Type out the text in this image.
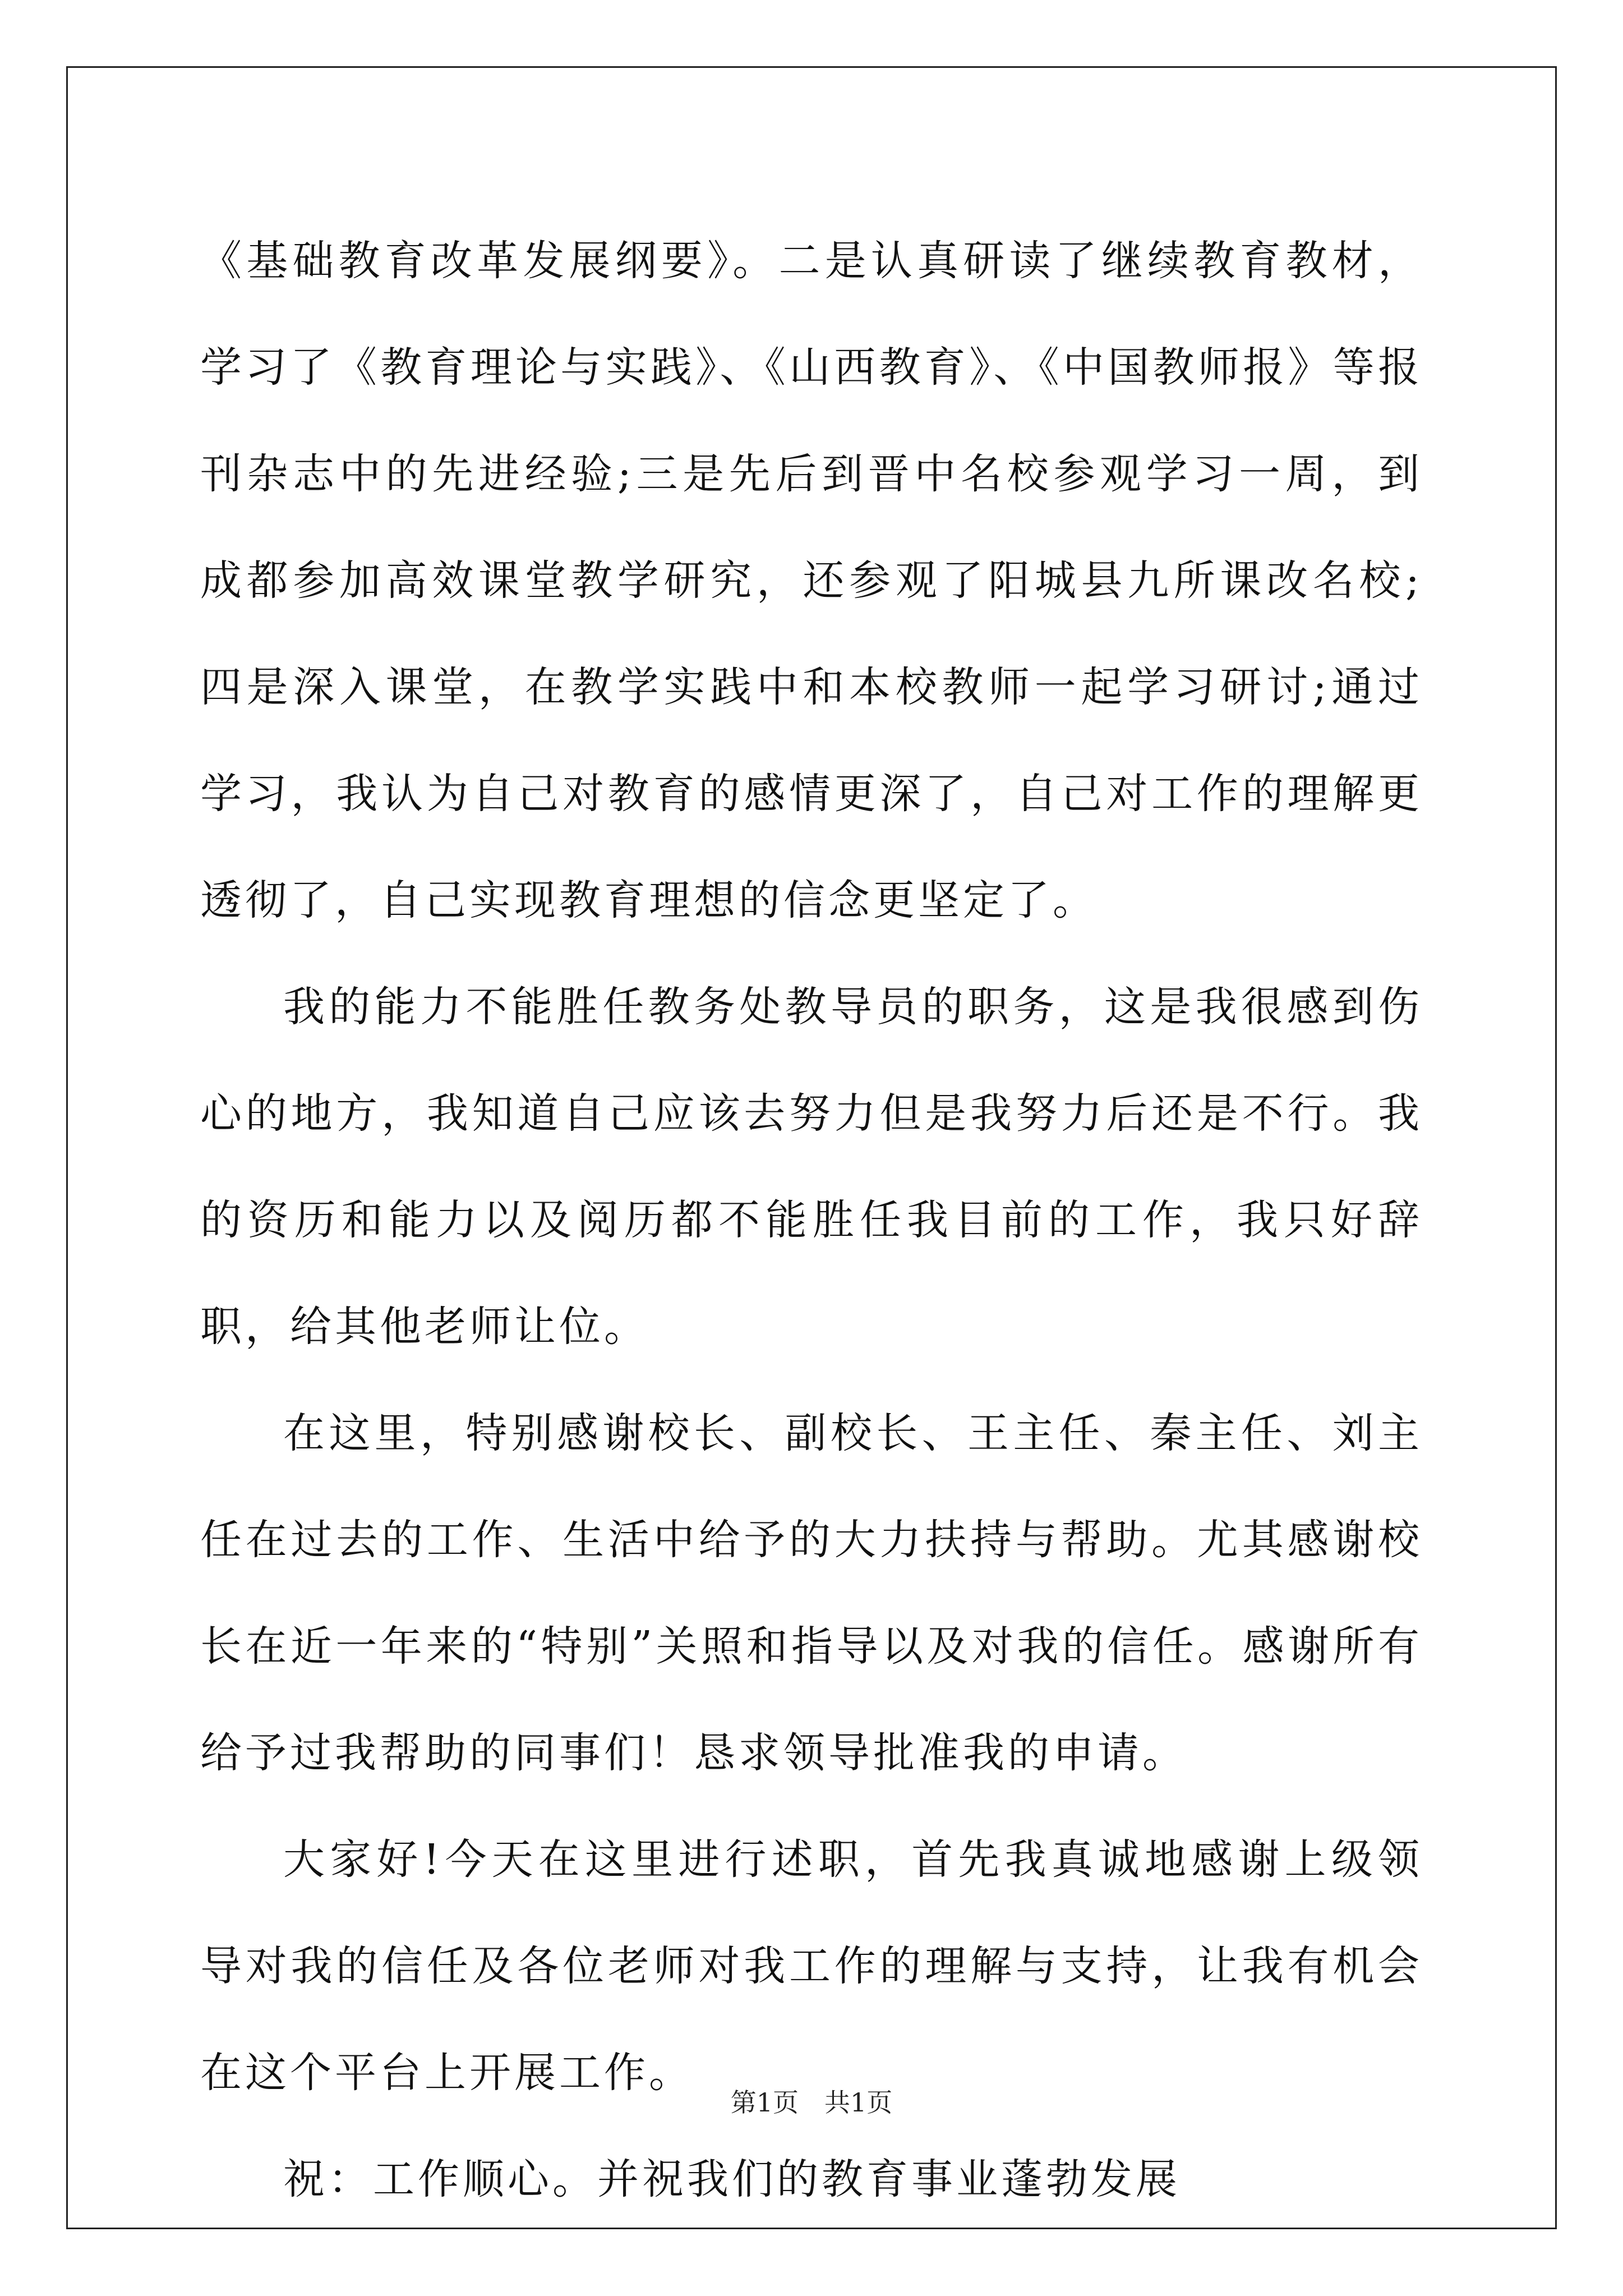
《基础教育改革发展纲要》。二是认真研读了继续教育教材，学习了《教育理论与实践》、《山西教育》、《中国教师报》等报刊杂志中的先进经验;三是先后到晋中名校参观学习一周，到成都参加高效课堂教学研究，还参观了阳城县九所课改名校;四是深入课堂，在教学实践中和本校教师一起学习研讨;通过学习，我认为自己对教育的感情更深了，自己对工作的理解更透彻了，自己实现教育理想的信念更坚定了。

我的能力不能胜任教务处教导员的职务，这是我很感到伤心的地方，我知道自己应该去努力但是我努力后还是不行。我的资历和能力以及阅历都不能胜任我目前的工作，我只好辞职，给其他老师让位。

在这里，特别感谢校长、副校长、王主任、秦主任、刘主任在过去的工作、生活中给予的大力扶持与帮助。尤其感谢校长在近一年来的“特别”关照和指导以及对我的信任。感谢所有给予过我帮助的同事们！恳求领导批准我的申请。

大家好!今天在这里进行述职，首先我真诚地感谢上级领导对我的信任及各位老师对我工作的理解与支持，让我有机会在这个平台上开展工作。

祝：工作顺心。并祝我们的教育事业蓬勃发展

第1页 共1页
